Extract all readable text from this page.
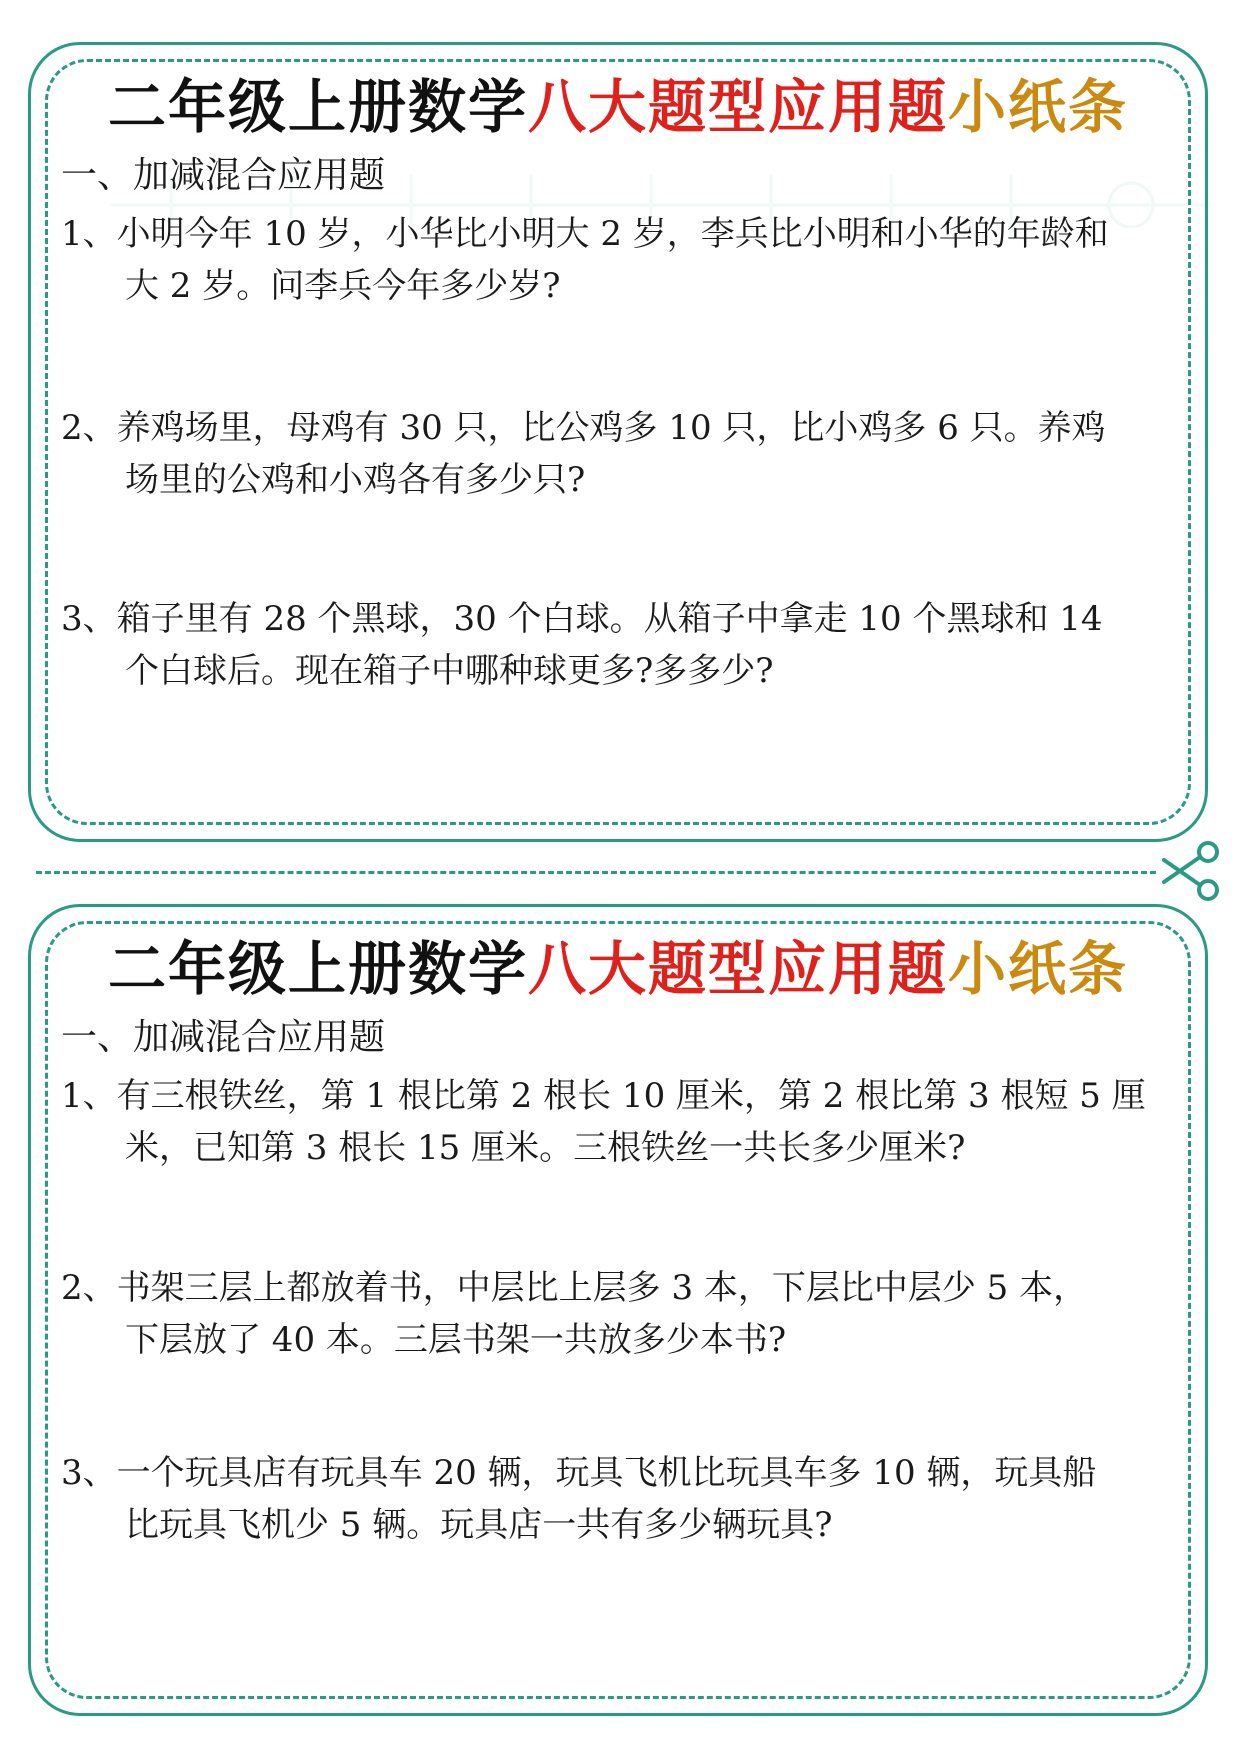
二年级上册数学八大题型应用题小纸条
一、加减混合应用题
1、小明今年 10 岁，小华比小明大 2 岁，李兵比小明和小华的年龄和
大 2 岁。问李兵今年多少岁?
2、养鸡场里，母鸡有 30 只，比公鸡多 10 只，比小鸡多 6 只。养鸡
场里的公鸡和小鸡各有多少只?
3、箱子里有 28 个黑球，30 个白球。从箱子中拿走 10 个黑球和 14
个白球后。现在箱子中哪种球更多?多多少?
二年级上册数学八大题型应用题小纸条
一、加减混合应用题
1、有三根铁丝，第 1 根比第 2 根长 10 厘米，第 2 根比第 3 根短 5 厘
米，已知第 3 根长 15 厘米。三根铁丝一共长多少厘米?
2、书架三层上都放着书，中层比上层多 3 本，下层比中层少 5 本，
下层放了 40 本。三层书架一共放多少本书?
3、一个玩具店有玩具车 20 辆，玩具飞机比玩具车多 10 辆，玩具船
比玩具飞机少 5 辆。玩具店一共有多少辆玩具?
